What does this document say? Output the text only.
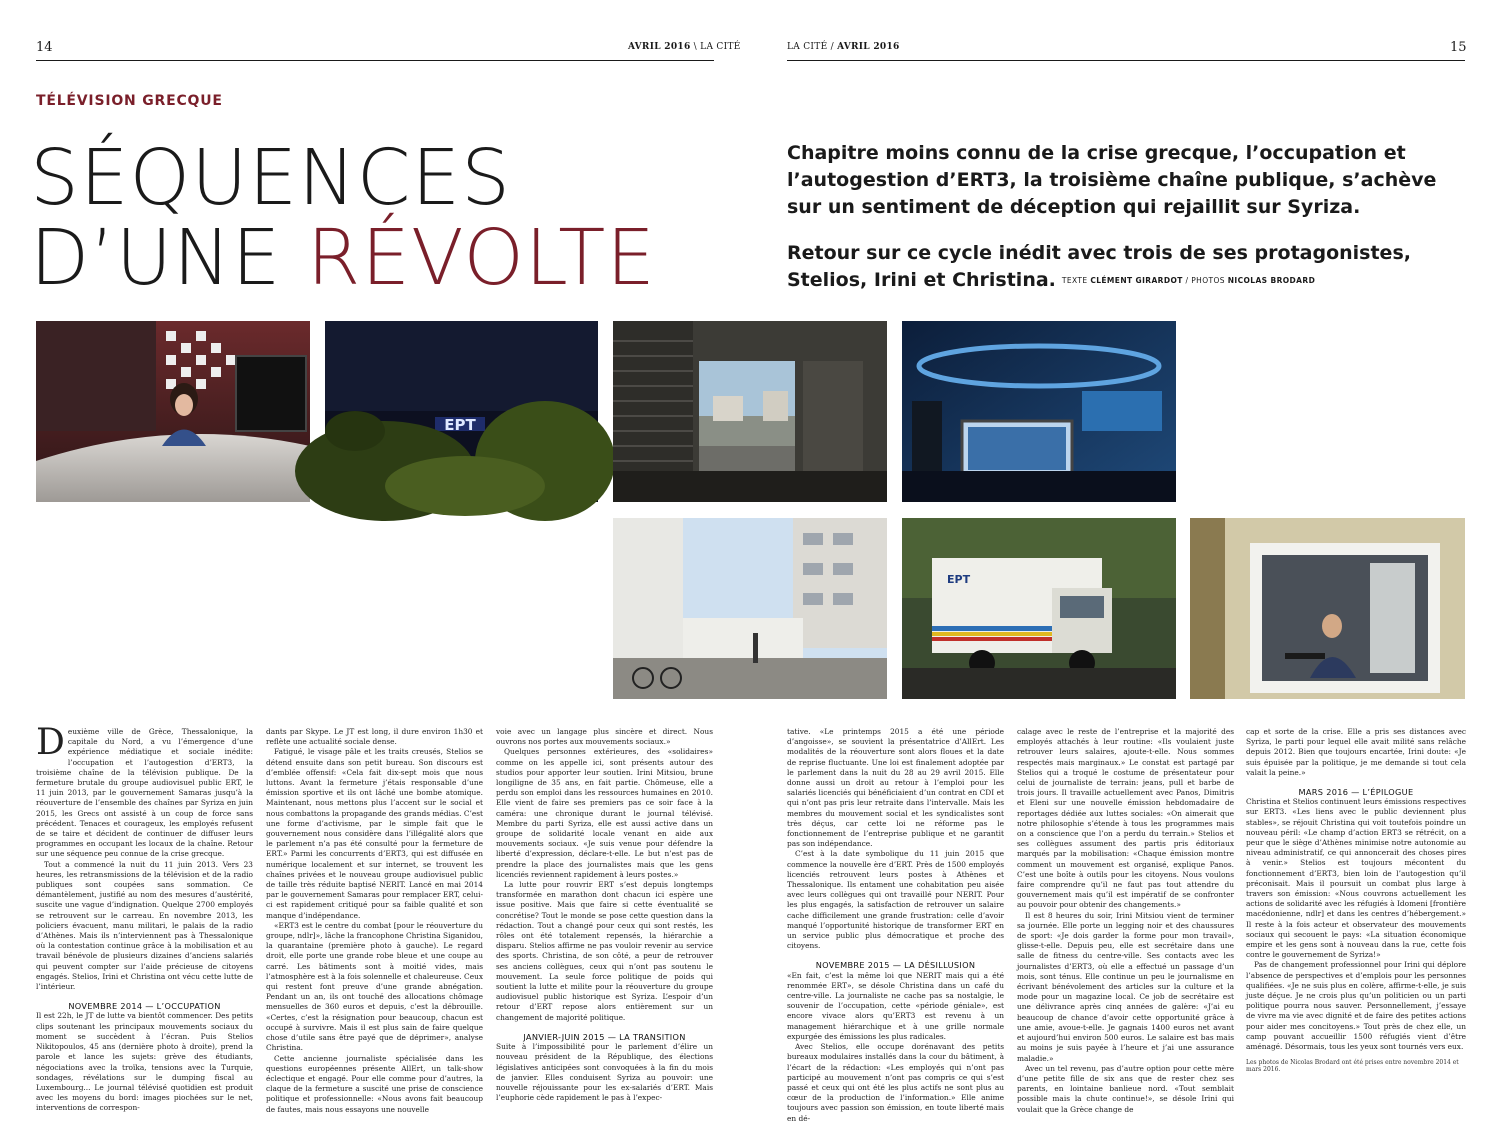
14	AVRIL 2016 \ LA CITÉ	LA CITÉ / AVRIL 2016	15
TÉLÉVISION GRECQUE
SÉQUENCES
D’UNE RÉVOLTE
Chapitre moins connu de la crise grecque, l’occupation et l’autogestion d’ERT3, la troisième chaîne publique, s’achève sur un sentiment de déception qui rejaillit sur Syriza.
Retour sur ce cycle inédit avec trois de ses protagonistes, Stelios, Irini et Christina. TEXTE CLÉMENT GIRARDOT / PHOTOS NICOLAS BRODARD
EPT
EPT

Deuxième ville de Grèce, Thessalonique, la capitale du Nord, a vu l’émergence d’une expérience médiatique et sociale inédite: l’occupation et l’autogestion d’ERT3, la troisième chaîne de la télévision publique. De la fermeture brutale du groupe audiovisuel public ERT, le 11 juin 2013, par le gouvernement Samaras jusqu’à la réouverture de l’ensemble des chaînes par Syriza en juin 2015, les Grecs ont assisté à un coup de force sans précédent. Tenaces et courageux, les employés refusent de se taire et décident de continuer de diffuser leurs programmes en occupant les locaux de la chaîne. Retour sur une séquence peu connue de la crise grecque.

Tout a commencé la nuit du 11 juin 2013. Vers 23 heures, les retransmissions de la télévision et de la radio publiques sont coupées sans sommation. Ce démantèlement, justifié au nom des mesures d’austérité, suscite une vague d’indignation. Quelque 2700 employés se retrouvent sur le carreau. En novembre 2013, les policiers évacuent, manu militari, le palais de la radio d’Athènes. Mais ils n’interviennent pas à Thessalonique où la contestation continue grâce à la mobilisation et au travail bénévole de plusieurs dizaines d’anciens salariés qui peuvent compter sur l’aide précieuse de citoyens engagés. Stelios, Irini et Christina ont vécu cette lutte de l’intérieur.

NOVEMBRE 2014 — L’OCCUPATION

Il est 22h, le JT de lutte va bientôt commencer. Des petits clips soutenant les principaux mouvements sociaux du moment se succèdent à l’écran. Puis Stelios Nikitopoulos, 45 ans (dernière photo à droite), prend la parole et lance les sujets: grève des étudiants, négociations avec la troïka, tensions avec la Turquie, sondages, révélations sur le dumping fiscal au Luxembourg... Le journal télévisé quotidien est produit avec les moyens du bord: images piochées sur le net, interventions de correspon-

dants par Skype. Le JT est long, il dure environ 1h30 et reflète une actualité sociale dense.

Fatigué, le visage pâle et les traits creusés, Stelios se détend ensuite dans son petit bureau. Son discours est d’emblée offensif: «Cela fait dix-sept mois que nous luttons. Avant la fermeture j’étais responsable d’une émission sportive et ils ont lâché une bombe atomique. Maintenant, nous mettons plus l’accent sur le social et nous combattons la propagande des grands médias. C’est une forme d’activisme, par le simple fait que le gouvernement nous considère dans l’illégalité alors que le parlement n’a pas été consulté pour la fermeture de ERT.» Parmi les concurrents d’ERT3, qui est diffusée en numérique localement et sur internet, se trouvent les chaînes privées et le nouveau groupe audiovisuel public de taille très réduite baptisé NERIT. Lancé en mai 2014 par le gouvernement Samaras pour remplacer ERT, celui-ci est rapidement critiqué pour sa faible qualité et son manque d’indépendance.

«ERT3 est le centre du combat [pour le réouverture du groupe, ndlr]», lâche la francophone Christina Siganidou, la quarantaine (première photo à gauche). Le regard droit, elle porte une grande robe bleue et une coupe au carré. Les bâtiments sont à moitié vides, mais l’atmosphère est à la fois solennelle et chaleureuse. Ceux qui restent font preuve d’une grande abnégation. Pendant un an, ils ont touché des allocations chômage mensuelles de 360 euros et depuis, c’est la débrouille. «Certes, c’est la résignation pour beaucoup, chacun est occupé à survivre. Mais il est plus sain de faire quelque chose d’utile sans être payé que de déprimer», analyse Christina.

Cette ancienne journaliste spécialisée dans les questions européennes présente AllErt, un talk-show éclectique et engagé. Pour elle comme pour d’autres, la claque de la fermeture a suscité une prise de conscience politique et professionnelle: «Nous avons fait beaucoup de fautes, mais nous essayons une nouvelle

voie avec un langage plus sincère et direct. Nous ouvrons nos portes aux mouvements sociaux.»

Quelques personnes extérieures, des «solidaires» comme on les appelle ici, sont présents autour des studios pour apporter leur soutien. Irini Mitsiou, brune longiligne de 35 ans, en fait partie. Chômeuse, elle a perdu son emploi dans les ressources humaines en 2010. Elle vient de faire ses premiers pas ce soir face à la caméra: une chronique durant le journal télévisé. Membre du parti Syriza, elle est aussi active dans un groupe de solidarité locale venant en aide aux mouvements sociaux. «Je suis venue pour défendre la liberté d’expression, déclare-t-elle. Le but n’est pas de prendre la place des journalistes mais que les gens licenciés reviennent rapidement à leurs postes.»

La lutte pour rouvrir ERT s’est depuis longtemps transformée en marathon dont chacun ici espère une issue positive. Mais que faire si cette éventualité se concrétise? Tout le monde se pose cette question dans la rédaction. Tout a changé pour ceux qui sont restés, les rôles ont été totalement repensés, la hiérarchie a disparu. Stelios affirme ne pas vouloir revenir au service des sports. Christina, de son côté, a peur de retrouver ses anciens collègues, ceux qui n’ont pas soutenu le mouvement. La seule force politique de poids qui soutient la lutte et milite pour la réouverture du groupe audiovisuel public historique est Syriza. L’espoir d’un retour d’ERT repose alors entièrement sur un changement de majorité politique.

JANVIER-JUIN 2015 — LA TRANSITION

Suite à l’impossibilité pour le parlement d’élire un nouveau président de la République, des élections législatives anticipées sont convoquées à la fin du mois de janvier. Elles conduisent Syriza au pouvoir: une nouvelle réjouissante pour les ex-salariés d’ERT. Mais l’euphorie cède rapidement le pas à l’expec-

tative. «Le printemps 2015 a été une période d’angoisse», se souvient la présentatrice d’AllErt. Les modalités de la réouverture sont alors floues et la date de reprise fluctuante. Une loi est finalement adoptée par le parlement dans la nuit du 28 au 29 avril 2015. Elle donne aussi un droit au retour à l’emploi pour les salariés licenciés qui bénéficiaient d’un contrat en CDI et qui n’ont pas pris leur retraite dans l’intervalle. Mais les membres du mouvement social et les syndicalistes sont très déçus, car cette loi ne réforme pas le fonctionnement de l’entreprise publique et ne garantit pas son indépendance.

C’est à la date symbolique du 11 juin 2015 que commence la nouvelle ère d’ERT. Près de 1500 employés licenciés retrouvent leurs postes à Athènes et Thessalonique. Ils entament une cohabitation peu aisée avec leurs collègues qui ont travaillé pour NERIT. Pour les plus engagés, la satisfaction de retrouver un salaire cache difficilement une grande frustration: celle d’avoir manqué l’opportunité historique de transformer ERT en un service public plus démocratique et proche des citoyens.

NOVEMBRE 2015 — LA DÉSILLUSION

«En fait, c’est la même loi que NERIT mais qui a été renommée ERT», se désole Christina dans un café du centre-ville. La journaliste ne cache pas sa nostalgie, le souvenir de l’occupation, cette «période géniale», est encore vivace alors qu’ERT3 est revenu à un management hiérarchique et à une grille normale expurgée des émissions les plus radicales.

Avec Stelios, elle occupe dorénavant des petits bureaux modulaires installés dans la cour du bâtiment, à l’écart de la rédaction: «Les employés qui n’ont pas participé au mouvement n’ont pas compris ce qui s’est passé et ceux qui ont été les plus actifs ne sont plus au cœur de la production de l’information.» Elle anime toujours avec passion son émission, en toute liberté mais en dé-

calage avec le reste de l’entreprise et la majorité des employés attachés à leur routine: «Ils voulaient juste retrouver leurs salaires, ajoute-t-elle. Nous sommes respectés mais marginaux.» Le constat est partagé par Stelios qui a troqué le costume de présentateur pour celui de journaliste de terrain: jeans, pull et barbe de trois jours. Il travaille actuellement avec Panos, Dimitris et Eleni sur une nouvelle émission hebdomadaire de reportages dédiée aux luttes sociales: «On aimerait que notre philosophie s’étende à tous les programmes mais on a conscience que l’on a perdu du terrain.» Stelios et ses collègues assument des partis pris éditoriaux marqués par la mobilisation: «Chaque émission montre comment un mouvement est organisé, explique Panos. C’est une boîte à outils pour les citoyens. Nous voulons faire comprendre qu’il ne faut pas tout attendre du gouvernement mais qu’il est impératif de se confronter au pouvoir pour obtenir des changements.»

Il est 8 heures du soir, Irini Mitsiou vient de terminer sa journée. Elle porte un legging noir et des chaussures de sport: «Je dois garder la forme pour mon travail», glisse-t-elle. Depuis peu, elle est secrétaire dans une salle de fitness du centre-ville. Ses contacts avec les journalistes d’ERT3, où elle a effectué un passage d’un mois, sont ténus. Elle continue un peu le journalisme en écrivant bénévolement des articles sur la culture et la mode pour un magazine local. Ce job de secrétaire est une délivrance après cinq années de galère: «J’ai eu beaucoup de chance d’avoir cette opportunité grâce à une amie, avoue-t-elle. Je gagnais 1400 euros net avant et aujourd’hui environ 500 euros. Le salaire est bas mais au moins je suis payée à l’heure et j’ai une assurance maladie.»

Avec un tel revenu, pas d’autre option pour cette mère d’une petite fille de six ans que de rester chez ses parents, en lointaine banlieue nord. «Tout semblait possible mais la chute continue!», se désole Irini qui voulait que la Grèce change de

cap et sorte de la crise. Elle a pris ses distances avec Syriza, le parti pour lequel elle avait milité sans relâche depuis 2012. Bien que toujours encartée, Irini doute: «Je suis épuisée par la politique, je me demande si tout cela valait la peine.»

MARS 2016 — L’ÉPILOGUE

Christina et Stelios continuent leurs émissions respectives sur ERT3. «Les liens avec le public deviennent plus stables», se réjouit Christina qui voit toutefois poindre un nouveau péril: «Le champ d’action ERT3 se rétrécit, on a peur que le siège d’Athènes minimise notre autonomie au niveau administratif, ce qui annoncerait des choses pires à venir.» Stelios est toujours mécontent du fonctionnement d’ERT3, bien loin de l’autogestion qu’il préconisait. Mais il poursuit un combat plus large à travers son émission: «Nous couvrons actuellement les actions de solidarité avec les réfugiés à Idomeni [frontière macédonienne, ndlr] et dans les centres d’hébergement.» Il reste à la fois acteur et observateur des mouvements sociaux qui secouent le pays: «La situation économique empire et les gens sont à nouveau dans la rue, cette fois contre le gouvernement de Syriza!»

Pas de changement professionnel pour Irini qui déplore l’absence de perspectives et d’emplois pour les personnes qualifiées. «Je ne suis plus en colère, affirme-t-elle, je suis juste déçue. Je ne crois plus qu’un politicien ou un parti politique pourra nous sauver. Personnellement, j’essaye de vivre ma vie avec dignité et de faire des petites actions pour aider mes concitoyens.» Tout près de chez elle, un camp pouvant accueillir 1500 réfugiés vient d’être aménagé. Désormais, tous les yeux sont tournés vers eux.

Les photos de Nicolas Brodard ont été prises entre novembre 2014 et mars 2016.
